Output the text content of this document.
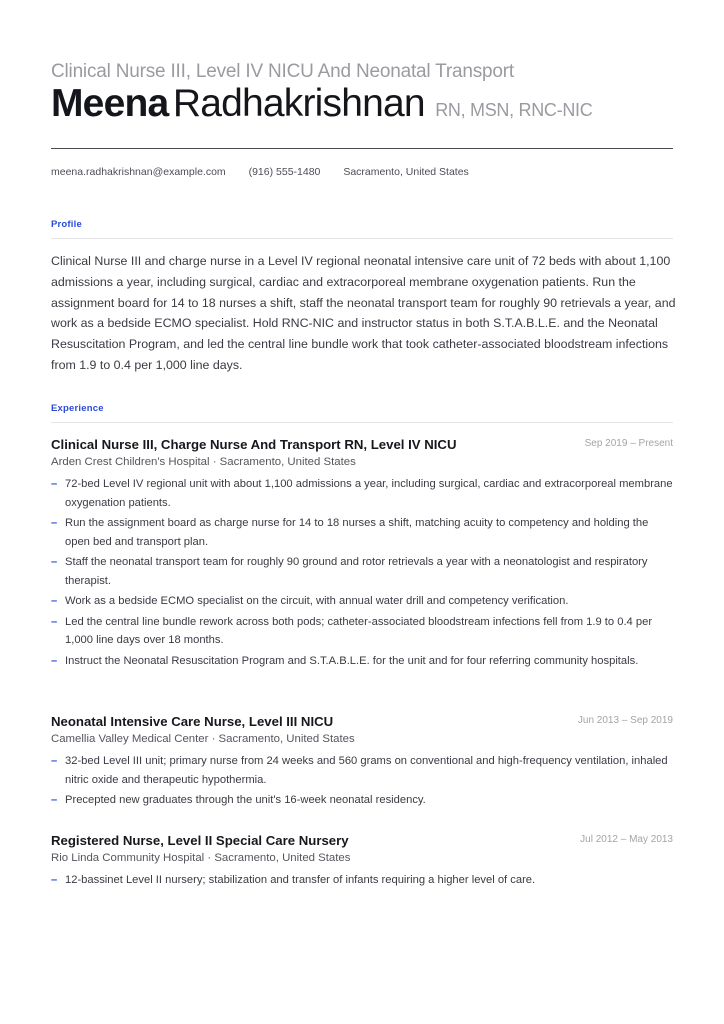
Clinical Nurse III, Level IV NICU And Neonatal Transport
Meena Radhakrishnan RN, MSN, RNC-NIC
meena.radhakrishnan@example.com (916) 555-1480 Sacramento, United States
Profile
Clinical Nurse III and charge nurse in a Level IV regional neonatal intensive care unit of 72 beds with about 1,100 admissions a year, including surgical, cardiac and extracorporeal membrane oxygenation patients. Run the assignment board for 14 to 18 nurses a shift, staff the neonatal transport team for roughly 90 retrievals a year, and work as a bedside ECMO specialist. Hold RNC-NIC and instructor status in both S.T.A.B.L.E. and the Neonatal Resuscitation Program, and led the central line bundle work that took catheter-associated bloodstream infections from 1.9 to 0.4 per 1,000 line days.
Experience
Clinical Nurse III, Charge Nurse And Transport RN, Level IV NICU	Sep 2019 – Present
Arden Crest Children's Hospital · Sacramento, United States
– 72-bed Level IV regional unit with about 1,100 admissions a year, including surgical, cardiac and extracorporeal membrane oxygenation patients.
– Run the assignment board as charge nurse for 14 to 18 nurses a shift, matching acuity to competency and holding the open bed and transport plan.
– Staff the neonatal transport team for roughly 90 ground and rotor retrievals a year with a neonatologist and respiratory therapist.
– Work as a bedside ECMO specialist on the circuit, with annual water drill and competency verification.
– Led the central line bundle rework across both pods; catheter-associated bloodstream infections fell from 1.9 to 0.4 per 1,000 line days over 18 months.
– Instruct the Neonatal Resuscitation Program and S.T.A.B.L.E. for the unit and for four referring community hospitals.
Neonatal Intensive Care Nurse, Level III NICU	Jun 2013 – Sep 2019
Camellia Valley Medical Center · Sacramento, United States
– 32-bed Level III unit; primary nurse from 24 weeks and 560 grams on conventional and high-frequency ventilation, inhaled nitric oxide and therapeutic hypothermia.
– Precepted new graduates through the unit's 16-week neonatal residency.
Registered Nurse, Level II Special Care Nursery	Jul 2012 – May 2013
Rio Linda Community Hospital · Sacramento, United States
– 12-bassinet Level II nursery; stabilization and transfer of infants requiring a higher level of care.
